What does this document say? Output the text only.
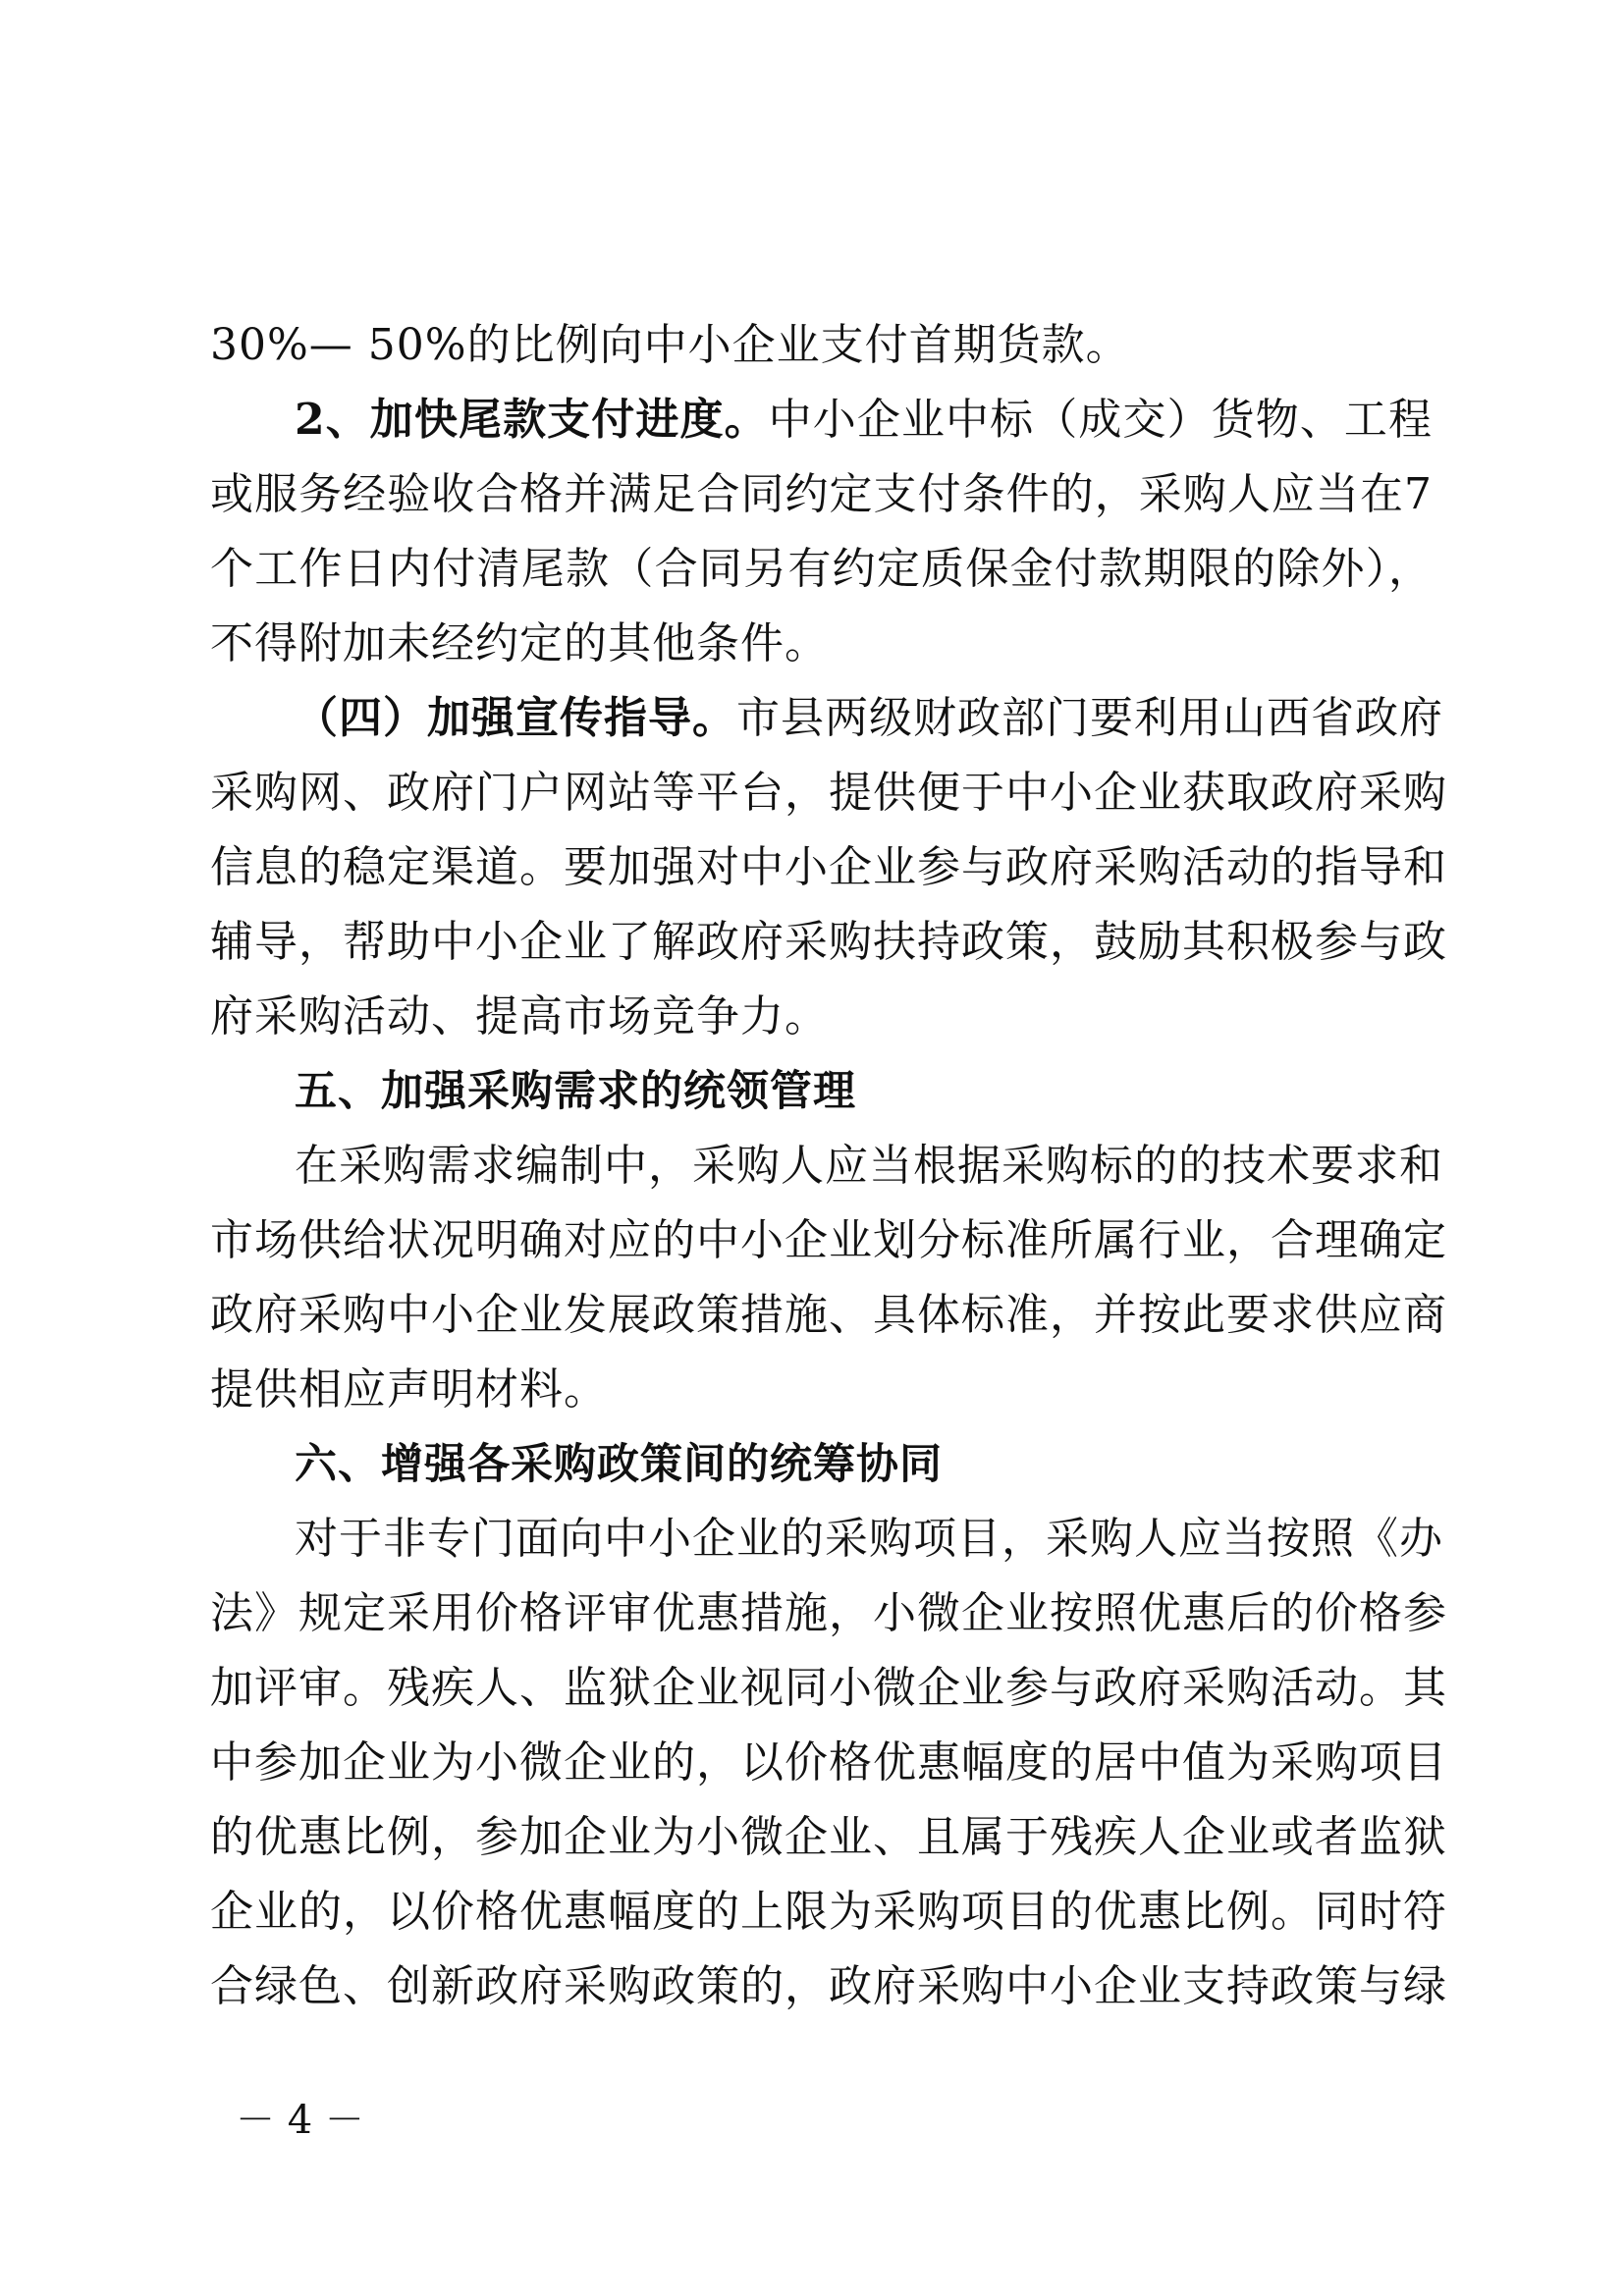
30%— 50%的比例向中小企业支付首期货款。
2、加快尾款支付进度。中小企业中标（成交）货物、工程
或服务经验收合格并满足合同约定支付条件的，采购人应当在7
个工作日内付清尾款（合同另有约定质保金付款期限的除外），
不得附加未经约定的其他条件。
（四）加强宣传指导。市县两级财政部门要利用山西省政府
采购网、政府门户网站等平台，提供便于中小企业获取政府采购
信息的稳定渠道。要加强对中小企业参与政府采购活动的指导和
辅导，帮助中小企业了解政府采购扶持政策，鼓励其积极参与政
府采购活动、提高市场竞争力。
五、加强采购需求的统领管理
在采购需求编制中，采购人应当根据采购标的的技术要求和
市场供给状况明确对应的中小企业划分标准所属行业，合理确定
政府采购中小企业发展政策措施、具体标准，并按此要求供应商
提供相应声明材料。
六、增强各采购政策间的统筹协同
对于非专门面向中小企业的采购项目，采购人应当按照《办
法》规定采用价格评审优惠措施，小微企业按照优惠后的价格参
加评审。残疾人、监狱企业视同小微企业参与政府采购活动。其
中参加企业为小微企业的，以价格优惠幅度的居中值为采购项目
的优惠比例，参加企业为小微企业、且属于残疾人企业或者监狱
企业的，以价格优惠幅度的上限为采购项目的优惠比例。同时符
合绿色、创新政府采购政策的，政府采购中小企业支持政策与绿
－ 4 －
